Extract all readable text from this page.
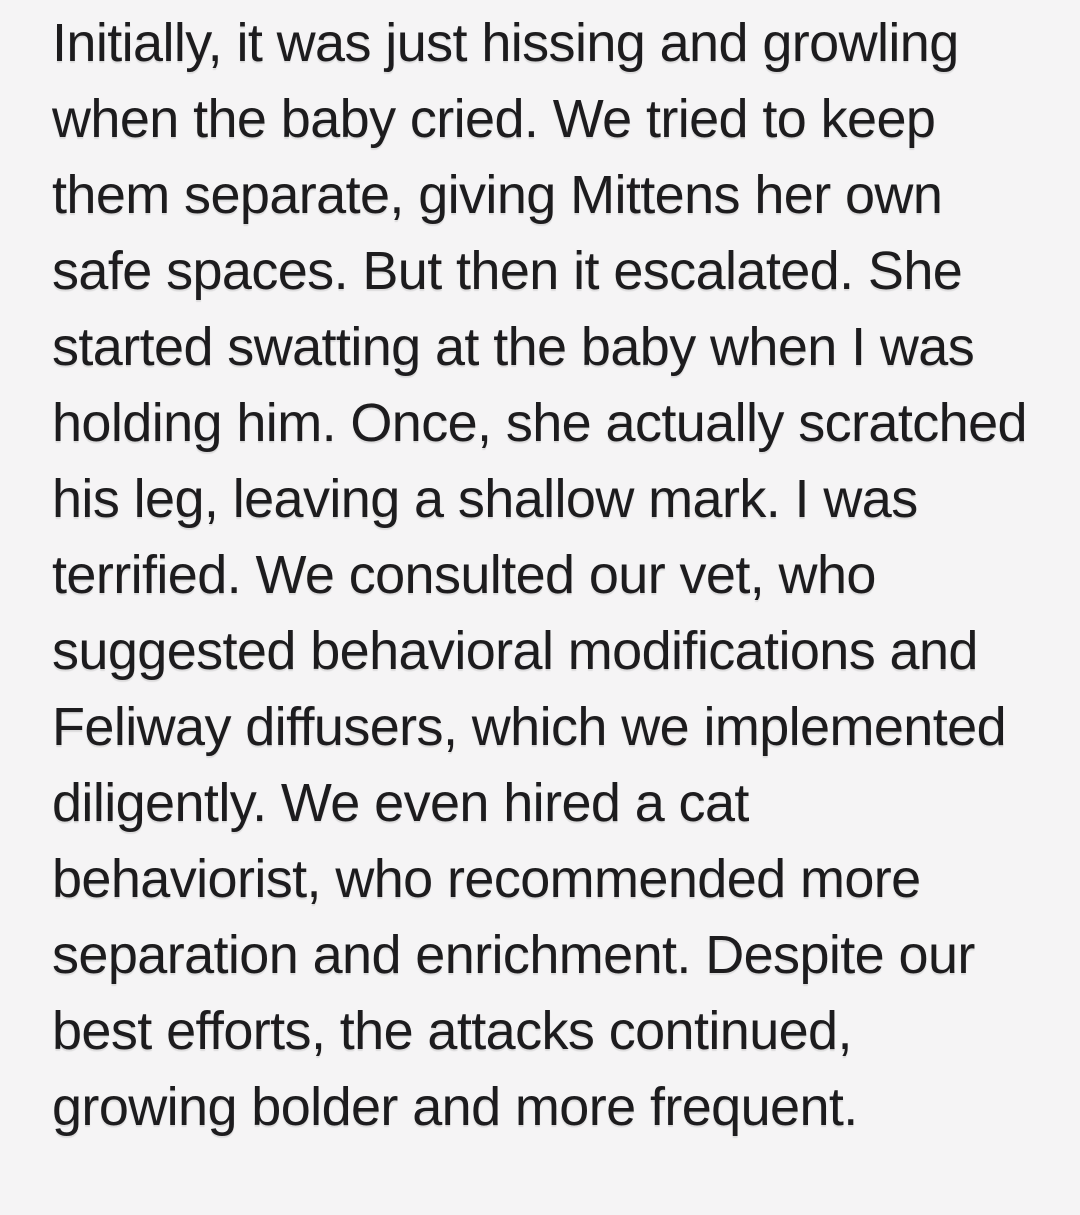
Initially, it was just hissing and growling
when the baby cried. We tried to keep
them separate, giving Mittens her own
safe spaces. But then it escalated. She
started swatting at the baby when I was
holding him. Once, she actually scratched
his leg, leaving a shallow mark. I was
terrified. We consulted our vet, who
suggested behavioral modifications and
Feliway diffusers, which we implemented
diligently. We even hired a cat
behaviorist, who recommended more
separation and enrichment. Despite our
best efforts, the attacks continued,
growing bolder and more frequent.
